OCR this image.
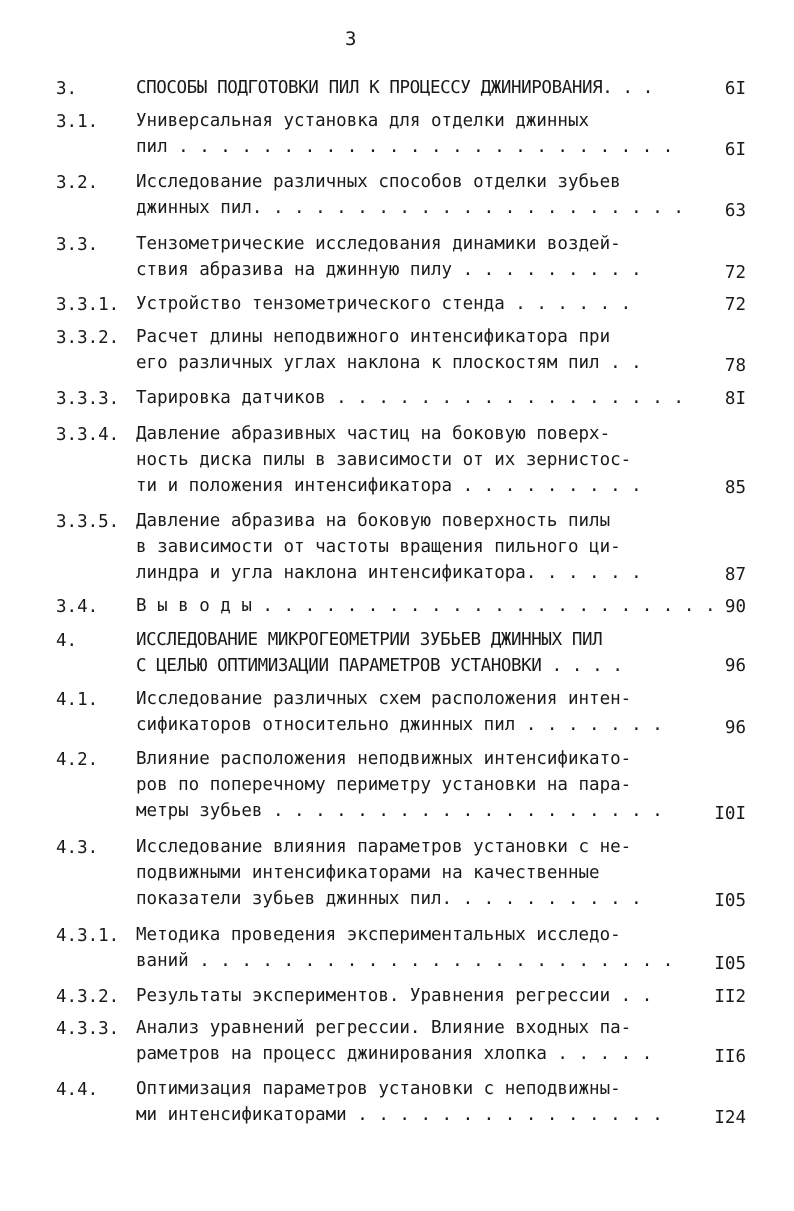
3
3.	СПОСОБЫ ПОДГОТОВКИ ПИЛ К ПРОЦЕССУ ДЖИНИРОВАНИЯ. . .	6I
3.1. Универсальная установка для отделки джинных
пил . . . . . . . . . . . . . . . . . . . . . . . .	6I
3.2. Исследование различных способов отделки зубьев
джинных пил. . . . . . . . . . . . . . . . . . . . .	63
3.3. Тензометрические исследования динамики воздей-
ствия абразива на джинную пилу . . . . . . . . .	72
3.3.1. Устройство тензометрического стенда . . . . . .	72
3.3.2. Расчет длины неподвижного интенсификатора при
его различных углах наклона к плоскостям пил . .	78
3.3.3. Тарировка датчиков . . . . . . . . . . . . . . . . .	8I
3.3.4. Давление абразивных частиц на боковую поверх-
ность диска пилы в зависимости от их зернистос-
ти и положения интенсификатора . . . . . . . . .	85
3.3.5. Давление абразива на боковую поверхность пилы
в зависимости от частоты вращения пильного ци-
линдра и угла наклона интенсификатора. . . . . .	87
3.4. В ы в о д ы . . . . . . . . . . . . . . . . . . . . . . 90
4.	ИССЛЕДОВАНИЕ МИКРОГЕОМЕТРИИ ЗУБЬЕВ ДЖИННЫХ ПИЛ
С ЦЕЛЬЮ ОПТИМИЗАЦИИ ПАРАМЕТРОВ УСТАНОВКИ . . . .	96
4.1. Исследование различных схем расположения интен-
сификаторов относительно джинных пил . . . . . . .	96
4.2. Влияние расположения неподвижных интенсификато-
ров по поперечному периметру установки на пара-
метры зубьев . . . . . . . . . . . . . . . . . . .	I0I
4.3. Исследование влияния параметров установки с не-
подвижными интенсификаторами на качественные
показатели зубьев джинных пил. . . . . . . . . .	I05
4.3.1. Методика проведения экспериментальных исследо-
ваний . . . . . . . . . . . . . . . . . . . . . . .	I05
4.3.2. Результаты экспериментов. Уравнения регрессии . .	II2
4.3.3. Анализ уравнений регрессии. Влияние входных па-
раметров на процесс джинирования хлопка . . . . .	II6
4.4. Оптимизация параметров установки с неподвижны-
ми интенсификаторами . . . . . . . . . . . . . . .	I24
